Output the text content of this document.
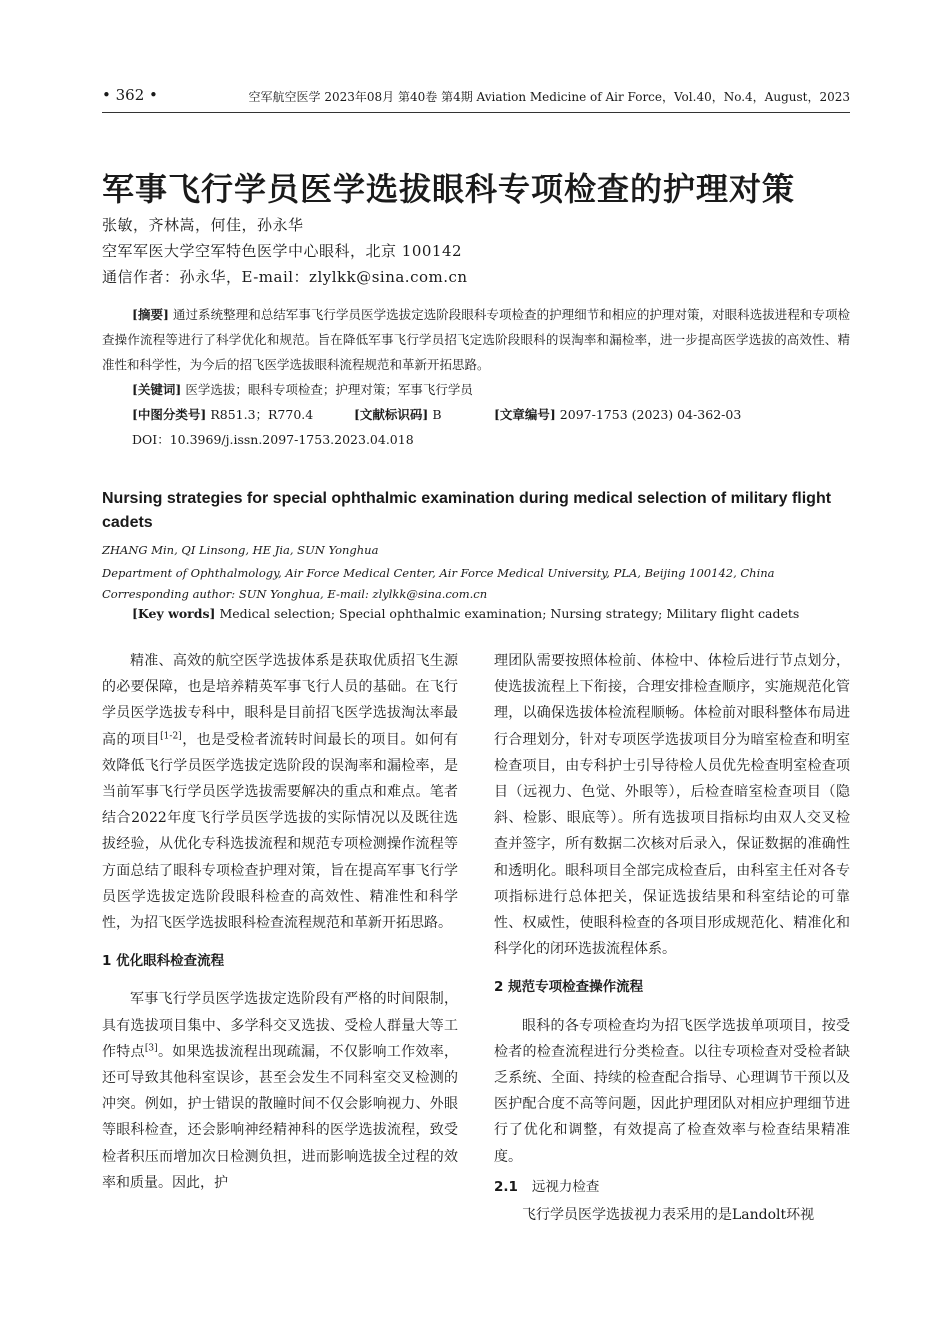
• 362 •	空军航空医学 2023年08月 第40卷 第4期 Aviation Medicine of Air Force，Vol.40，No.4，August，2023
军事飞行学员医学选拔眼科专项检查的护理对策
张敏，齐林嵩，何佳，孙永华
空军军医大学空军特色医学中心眼科，北京 100142
通信作者：孙永华，E-mail：zlylkk@sina.com.cn

[摘要] 通过系统整理和总结军事飞行学员医学选拔定选阶段眼科专项检查的护理细节和相应的护理对策，对眼科选拔进程和专项检查操作流程等进行了科学优化和规范。旨在降低军事飞行学员招飞定选阶段眼科的误淘率和漏检率，进一步提高医学选拔的高效性、精准性和科学性，为今后的招飞医学选拔眼科流程规范和革新开拓思路。

[关键词] 医学选拔；眼科专项检查；护理对策；军事飞行学员

[中图分类号] R851.3；R770.4	[文献标识码] B	[文章编号] 2097-1753 (2023) 04-362-03

DOI：10.3969/j.issn.2097-1753.2023.04.018

Nursing strategies for special ophthalmic examination during medical selection of military flight cadets
ZHANG Min, QI Linsong, HE Jia, SUN Yonghua
Department of Ophthalmology, Air Force Medical Center, Air Force Medical University, PLA, Beijing 100142, China
Corresponding author: SUN Yonghua, E-mail: zlylkk@sina.com.cn
[Key words] Medical selection; Special ophthalmic examination; Nursing strategy; Military flight cadets

精准、高效的航空医学选拔体系是获取优质招飞生源的必要保障，也是培养精英军事飞行人员的基础。在飞行学员医学选拔专科中，眼科是目前招飞医学选拔淘汰率最高的项目[1-2]，也是受检者流转时间最长的项目。如何有效降低飞行学员医学选拔定选阶段的误淘率和漏检率，是当前军事飞行学员医学选拔需要解决的重点和难点。笔者结合2022年度飞行学员医学选拔的实际情况以及既往选拔经验，从优化专科选拔流程和规范专项检测操作流程等方面总结了眼科专项检查护理对策，旨在提高军事飞行学员医学选拔定选阶段眼科检查的高效性、精准性和科学性，为招飞医学选拔眼科检查流程规范和革新开拓思路。

1 优化眼科检查流程

军事飞行学员医学选拔定选阶段有严格的时间限制，具有选拔项目集中、多学科交叉选拔、受检人群量大等工作特点[3]。如果选拔流程出现疏漏，不仅影响工作效率，还可导致其他科室误诊，甚至会发生不同科室交叉检测的冲突。例如，护士错误的散瞳时间不仅会影响视力、外眼等眼科检查，还会影响神经精神科的医学选拔流程，致受检者积压而增加次日检测负担，进而影响选拔全过程的效率和质量。因此，护

理团队需要按照体检前、体检中、体检后进行节点划分，使选拔流程上下衔接，合理安排检查顺序，实施规范化管理，以确保选拔体检流程顺畅。体检前对眼科整体布局进行合理划分，针对专项医学选拔项目分为暗室检查和明室检查项目，由专科护士引导待检人员优先检查明室检查项目（远视力、色觉、外眼等），后检查暗室检查项目（隐斜、检影、眼底等）。所有选拔项目指标均由双人交叉检查并签字，所有数据二次核对后录入，保证数据的准确性和透明化。眼科项目全部完成检查后，由科室主任对各专项指标进行总体把关，保证选拔结果和科室结论的可靠性、权威性，使眼科检查的各项目形成规范化、精准化和科学化的闭环选拔流程体系。

2 规范专项检查操作流程

眼科的各专项检查均为招飞医学选拔单项项目，按受检者的检查流程进行分类检查。以往专项检查对受检者缺乏系统、全面、持续的检查配合指导、心理调节干预以及医护配合度不高等问题，因此护理团队对相应护理细节进行了优化和调整，有效提高了检查效率与检查结果精准度。

2.1 远视力检查

飞行学员医学选拔视力表采用的是Landolt环视
